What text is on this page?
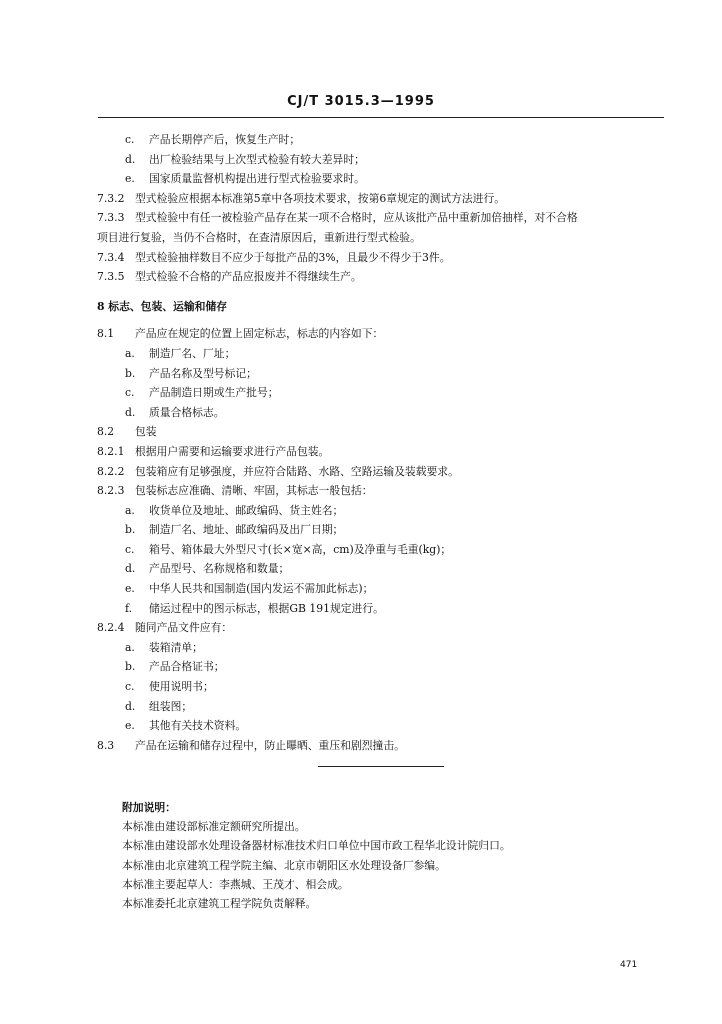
CJ/T 3015.3—1995
c. 产品长期停产后，恢复生产时；
d. 出厂检验结果与上次型式检验有较大差异时；
e. 国家质量监督机构提出进行型式检验要求时。
7.3.2 型式检验应根据本标准第5章中各项技术要求，按第6章规定的测试方法进行。
7.3.3 型式检验中有任一被检验产品存在某一项不合格时，应从该批产品中重新加倍抽样，对不合格
项目进行复验，当仍不合格时，在查清原因后，重新进行型式检验。
7.3.4 型式检验抽样数目不应少于每批产品的3%，且最少不得少于3件。
7.3.5 型式检验不合格的产品应报废并不得继续生产。
8 标志、包装、运输和储存
8.1 产品应在规定的位置上固定标志，标志的内容如下：
a. 制造厂名、厂址；
b. 产品名称及型号标记；
c. 产品制造日期或生产批号；
d. 质量合格标志。
8.2 包装
8.2.1 根据用户需要和运输要求进行产品包装。
8.2.2 包装箱应有足够强度，并应符合陆路、水路、空路运输及装载要求。
8.2.3 包装标志应准确、清晰、牢固，其标志一般包括：
a. 收货单位及地址、邮政编码、货主姓名；
b. 制造厂名、地址、邮政编码及出厂日期；
c. 箱号、箱体最大外型尺寸(长×宽×高，cm)及净重与毛重(kg)；
d. 产品型号、名称规格和数量；
e. 中华人民共和国制造(国内发运不需加此标志)；
f. 储运过程中的图示标志，根据GB 191规定进行。
8.2.4 随同产品文件应有：
a. 装箱清单；
b. 产品合格证书；
c. 使用说明书；
d. 组装图；
e. 其他有关技术资料。
8.3 产品在运输和储存过程中，防止曝晒、重压和剧烈撞击。
附加说明：
本标准由建设部标准定额研究所提出。
本标准由建设部水处理设备器材标准技术归口单位中国市政工程华北设计院归口。
本标准由北京建筑工程学院主编、北京市朝阳区水处理设备厂参编。
本标准主要起草人：李燕城、王茂才、相会成。
本标准委托北京建筑工程学院负责解释。
471
